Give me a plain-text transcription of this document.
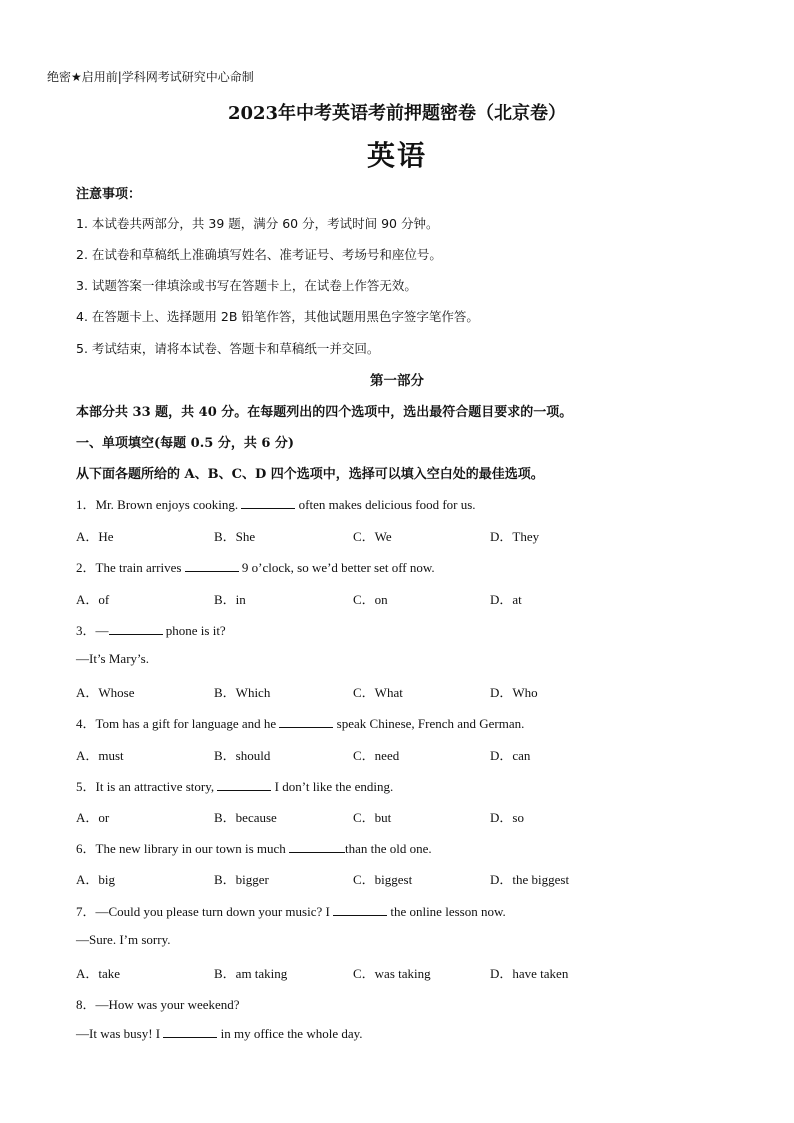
绝密★启用前|学科网考试研究中心命制
2023年中考英语考前押题密卷（北京卷）
英语
注意事项：
1. 本试卷共两部分，共 39 题，满分 60 分，考试时间 90 分钟。
2. 在试卷和草稿纸上准确填写姓名、准考证号、考场号和座位号。
3. 试题答案一律填涂或书写在答题卡上，在试卷上作答无效。
4. 在答题卡上、选择题用 2B 铅笔作答，其他试题用黑色字签字笔作答。
5. 考试结束，请将本试卷、答题卡和草稿纸一并交回。
第一部分
本部分共 33 题，共 40 分。在每题列出的四个选项中，选出最符合题目要求的一项。
一、单项填空(每题 0.5 分，共 6 分)
从下面各题所给的 A、B、C、D 四个选项中，选择可以填入空白处的最佳选项。
1．Mr. Brown enjoys cooking.	often makes delicious food for us.
A．He	B．She	C．We	D．They
2．The train arrives	9 o’clock, so we’d better set off now.
A．of	B．in	C．on	D．at
3．—	phone is it?
—It’s Mary’s.
A．Whose	B．Which	C．What	D．Who
4．Tom has a gift for language and he	speak Chinese, French and German.
A．must	B．should	C．need	D．can
5．It is an attractive story,	I don’t like the ending.
A．or	B．because	C．but	D．so
6．The new library in our town is much	than the old one.
A．big	B．bigger	C．biggest	D．the biggest
7．—Could you please turn down your music? I	the online lesson now.
—Sure. I’m sorry.
A．take	B．am taking	C．was taking	D．have taken
8．—How was your weekend?
—It was busy! I	in my office the whole day.
